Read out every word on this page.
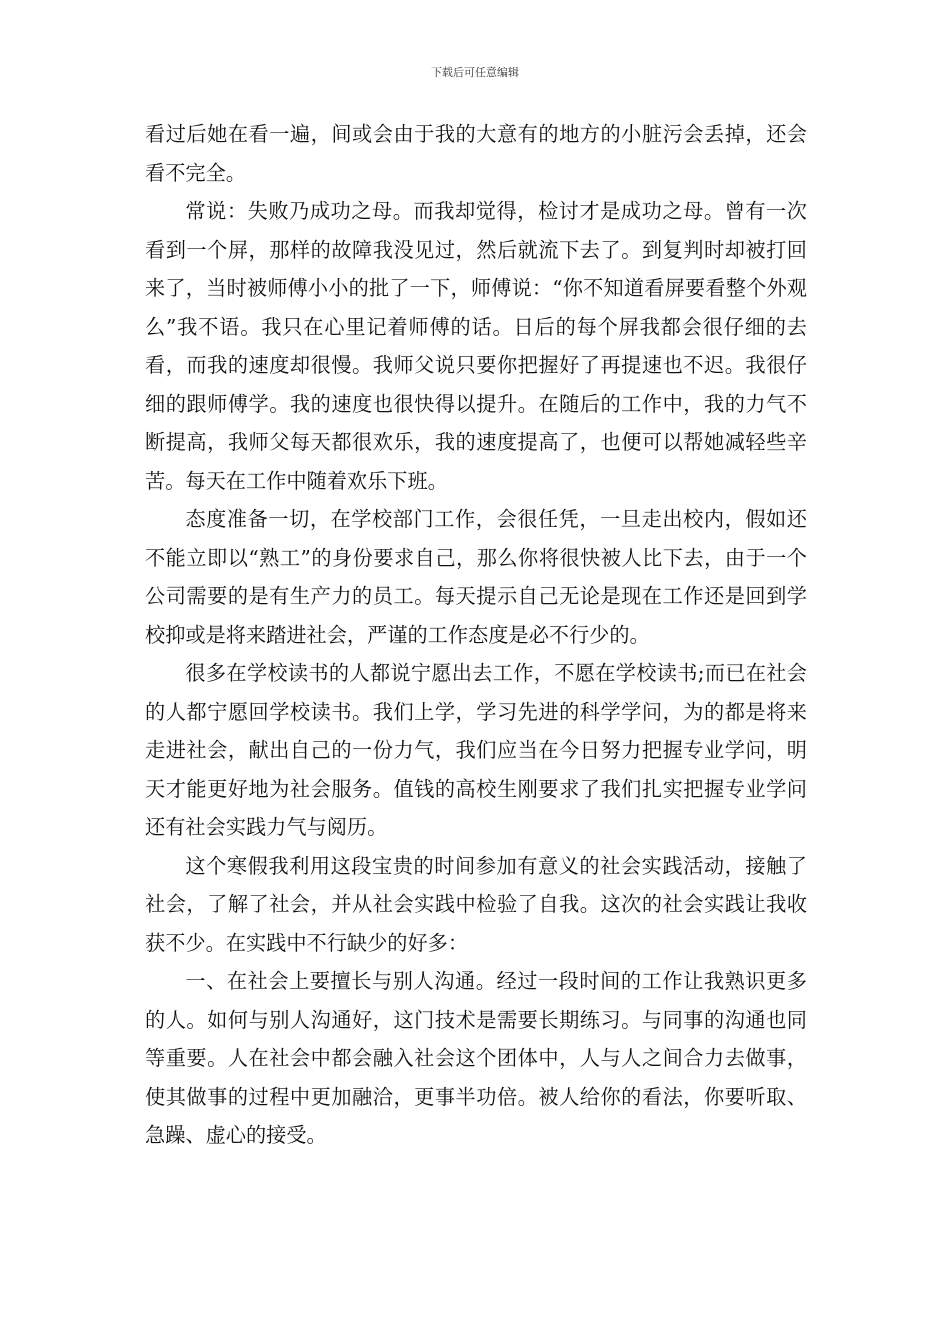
下载后可任意编辑

看过后她在看一遍，间或会由于我的大意有的地方的小脏污会丢掉，还会看不完全。

常说：失败乃成功之母。而我却觉得，检讨才是成功之母。曾有一次看到一个屏，那样的故障我没见过，然后就流下去了。到复判时却被打回来了，当时被师傅小小的批了一下，师傅说：“你不知道看屏要看整个外观么”我不语。我只在心里记着师傅的话。日后的每个屏我都会很仔细的去看，而我的速度却很慢。我师父说只要你把握好了再提速也不迟。我很仔细的跟师傅学。我的速度也很快得以提升。在随后的工作中，我的力气不断提高，我师父每天都很欢乐，我的速度提高了，也便可以帮她减轻些辛苦。每天在工作中随着欢乐下班。

态度准备一切，在学校部门工作，会很任凭，一旦走出校内，假如还不能立即以“熟工”的身份要求自己，那么你将很快被人比下去，由于一个公司需要的是有生产力的员工。每天提示自己无论是现在工作还是回到学校抑或是将来踏进社会，严谨的工作态度是必不行少的。

很多在学校读书的人都说宁愿出去工作，不愿在学校读书;而已在社会的人都宁愿回学校读书。我们上学，学习先进的科学学问，为的都是将来走进社会，献出自己的一份力气，我们应当在今日努力把握专业学问，明天才能更好地为社会服务。值钱的高校生刚要求了我们扎实把握专业学问还有社会实践力气与阅历。

这个寒假我利用这段宝贵的时间参加有意义的社会实践活动，接触了社会，了解了社会，并从社会实践中检验了自我。这次的社会实践让我收获不少。在实践中不行缺少的好多：

一、在社会上要擅长与别人沟通。经过一段时间的工作让我熟识更多的人。如何与别人沟通好，这门技术是需要长期练习。与同事的沟通也同等重要。人在社会中都会融入社会这个团体中，人与人之间合力去做事，使其做事的过程中更加融洽，更事半功倍。被人给你的看法，你要听取、急躁、虚心的接受。
